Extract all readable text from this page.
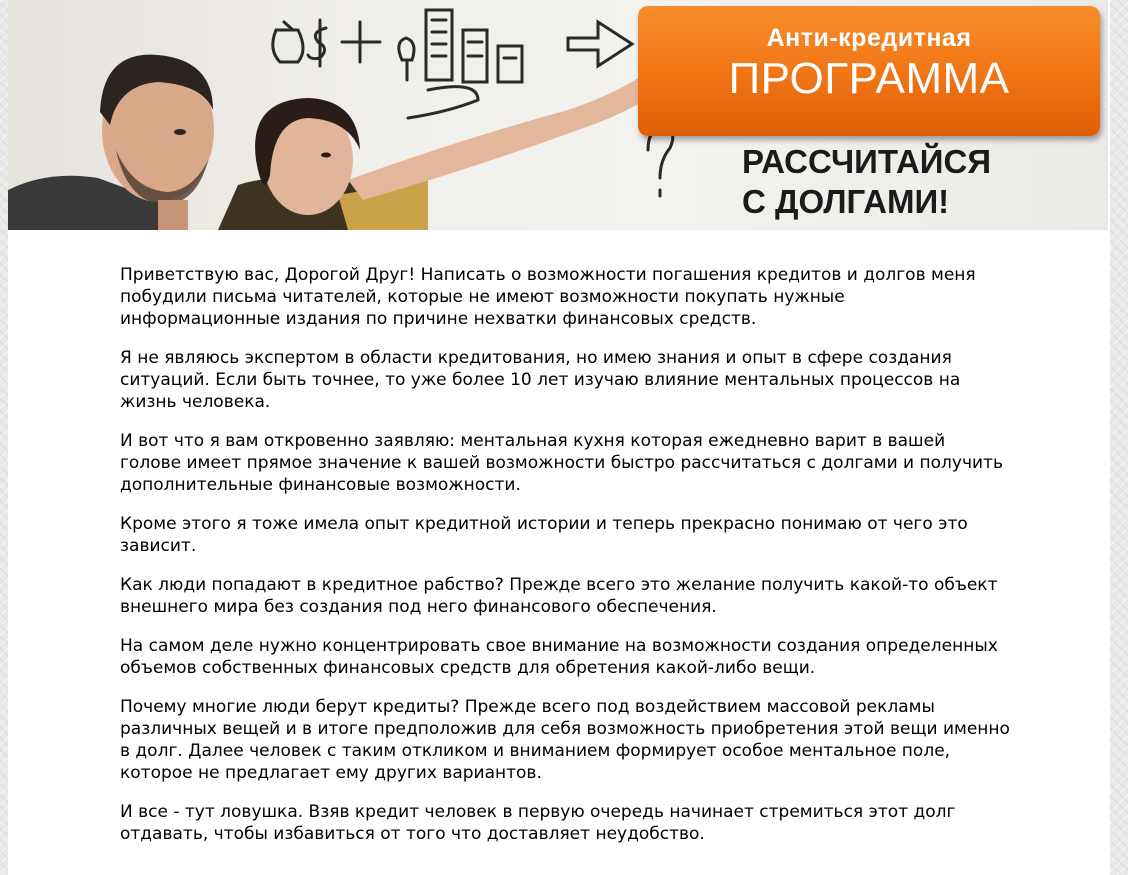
Анти-кредитная
ПРОГРАММА
РАССЧИТАЙСЯ
С ДОЛГАМИ!

Приветствую вас, Дорогой Друг! Написать о возможности погашения кредитов и долгов меня побудили письма читателей, которые не имеют возможности покупать нужные информационные издания по причине нехватки финансовых средств.

Я не являюсь экспертом в области кредитования, но имею знания и опыт в сфере создания ситуаций. Если быть точнее, то уже более 10 лет изучаю влияние ментальных процессов на жизнь человека.

И вот что я вам откровенно заявляю: ментальная кухня которая ежедневно варит в вашей голове имеет прямое значение к вашей возможности быстро рассчитаться с долгами и получить дополнительные финансовые возможности.

Кроме этого я тоже имела опыт кредитной истории и теперь прекрасно понимаю от чего это зависит.

Как люди попадают в кредитное рабство? Прежде всего это желание получить какой-то объект внешнего мира без создания под него финансового обеспечения.

На самом деле нужно концентрировать свое внимание на возможности создания определенных объемов собственных финансовых средств для обретения какой-либо вещи.

Почему многие люди берут кредиты? Прежде всего под воздействием массовой рекламы различных вещей и в итоге предположив для себя возможность приобретения этой вещи именно в долг. Далее человек с таким откликом и вниманием формирует особое ментальное поле, которое не предлагает ему других вариантов.

И все - тут ловушка. Взяв кредит человек в первую очередь начинает стремиться этот долг отдавать, чтобы избавиться от того что доставляет неудобство.
